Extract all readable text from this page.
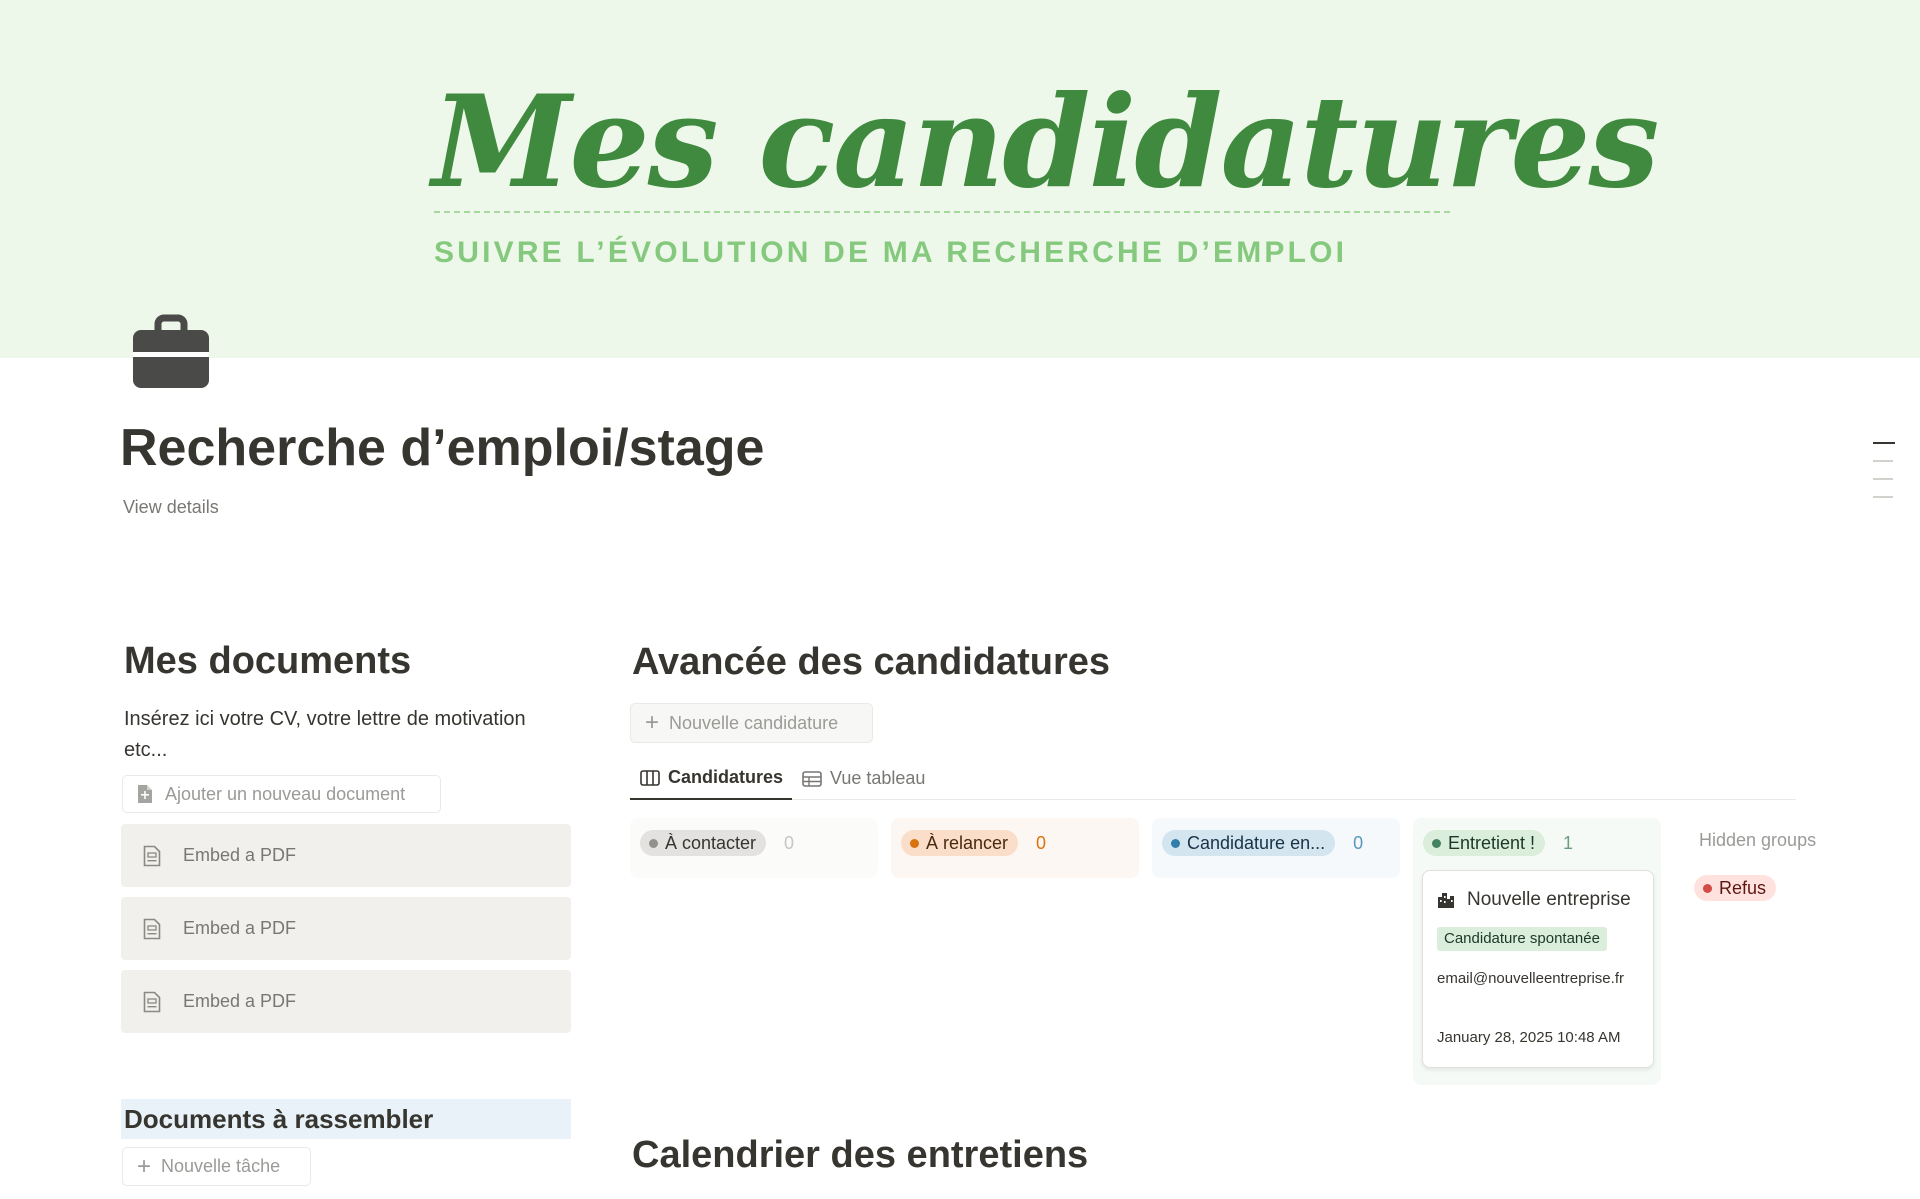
Mes candidatures
SUIVRE L’ÉVOLUTION DE MA RECHERCHE D’EMPLOI
Recherche d’emploi/stage
View details
Mes documents
Insérez ici votre CV, votre lettre de motivation etc...
Ajouter un nouveau document
Embed a PDF
Embed a PDF
Embed a PDF
Documents à rassembler
+ Nouvelle tâche
Avancée des candidatures
+ Nouvelle candidature
Candidatures	Vue tableau
À contacter 0	À relancer 0	Candidature en... 0	Entretient ! 1
Nouvelle entreprise
Candidature spontanée
email@nouvelleentreprise.fr
January 28, 2025 10:48 AM
Hidden groups
Refus
Calendrier des entretiens
